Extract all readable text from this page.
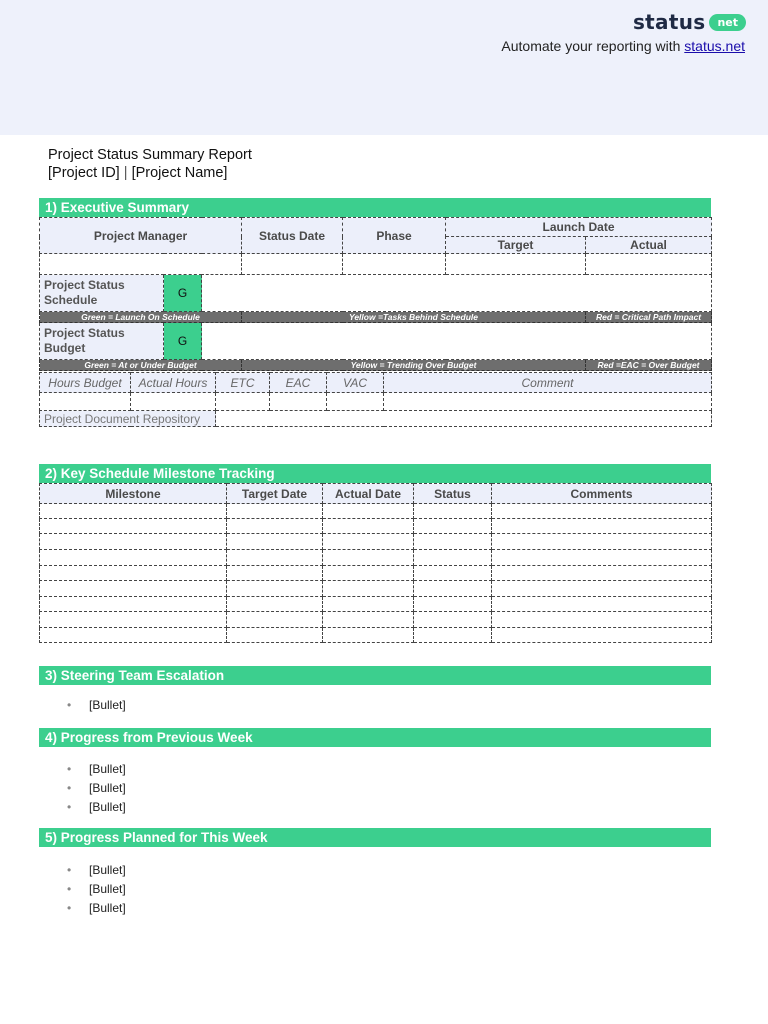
status	net
Automate your reporting with status.net
Project Status Summary Report
[Project ID] | [Project Name]
1) Executive Summary
Project Manager			Status Date	Phase	Launch Date	
					Target	Actual

Project Status Schedule	G					
Green = Launch On Schedule			Yellow =Tasks Behind Schedule			Red = Critical Path Impact
Project Status Budget	G					
Green = At or Under Budget			Yellow = Trending Over Budget			Red =EAC = Over Budget
Hours Budget	Actual Hours	ETC	EAC	VAC	Comment

Project Document Repository					
2) Key Schedule Milestone Tracking
Milestone	Target Date	Actual Date	Status	Comments

3) Steering Team Escalation
• [Bullet]
4) Progress from Previous Week
• [Bullet]
• [Bullet]
• [Bullet]
5) Progress Planned for This Week
• [Bullet]
• [Bullet]
• [Bullet]
